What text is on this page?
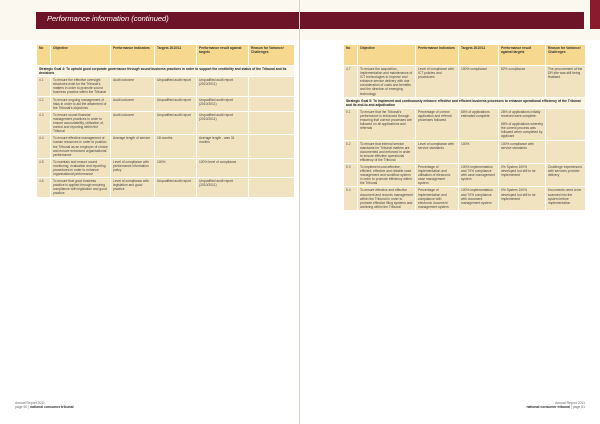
Performance information (continued)
No	Objective	Performance Indicators	Targets 2010/11	Performance result against targets	Reason for Variance/ Challenges
Strategic Goal 4: To uphold good corporate governance through sound business practices in order to support the credibility and status of the Tribunal and its decisions					
4.1	To ensure the effective oversight structures exist for the Tribunal's matters in order to promote sound business practice within the Tribunal	Audit outcome	Unqualified audit report	Unqualified audit report (2010/2011)	
4.2	To ensure ongoing management of risks in order to aid the attainment of the Tribunal's objectives	Audit outcome	Unqualified audit report	Unqualified audit report (2010/2011)	
4.3	To ensure sound financial management practices in order to ensure accountability, utilisation of, control and reporting within the Tribunal	Audit outcome	Unqualified audit report	Unqualified audit report (2010/2011)	
4.4	To ensure effective management of human resources in order to position the Tribunal as an employer of choice and ensure enhanced organisational performance	Average length of service	18 months	Average length - was 31 months	
4.5	To maintain and ensure sound monitoring, evaluation and reporting procedures in order to enhance organisational performance	Level of compliance with performance information policy	100%	100% level of compliance	
4.6	To ensure that good business practice is applied through ensuring compliance with legislation and good practice	Level of compliance with legislation and good practice	Unqualified audit report	Unqualified audit report (2010/2011)	
No	Objective	Performance Indicators	Targets 2010/11	Performance result against targets	Reason for Variance/ Challenges
4.7	To ensure the acquisition, implementation and maintenance of ICT technologies to improve and enhance service delivery with due consideration of costs and benefits and the direction of emerging technology	Level of compliance with ICT policies and procedures	100% compliance	82% compliance	The procurement of the DR site was still being finalised
Strategic Goal 5: To implement and continuously enhance effective and efficient business processes to enhance operational efficiency of the Tribunal and its end-to-end adjudication					
5.1	To ensure that the Tribunal's performance is enhanced through ensuring that correct processes are followed on all applications and referrals	Percentage of correct application and referral processes followed	80% of applications estimated complete	28% of applications initially received were complete.

68% of applications whereby the correct process was followed when completed by applicant	
5.2	To ensure that internal service standards for Tribunal matters are documented and enforced in order to ensure effective operational efficiency of the Tribunal	Level of compliance with service standards	100%	100% compliance with service standards	
5.3	To implement cost-effective, efficient, effective and reliable case management and workflow system in order to promote efficiency within the Tribunal	Percentage of implementation and utilisation of electronic case management system	100% implementation and 70% compliance with case management system	0% System 100% developed but still to be implemented	Challenge experienced with services provider delivery
5.4	To ensure effective and effective document and records management within the Tribunal in order to promote effective filing systems and archiving within the Tribunal	Percentage of implementation and compliance with electronic document management system	100% implementation and 70% compliance with document management system	0% System 100% developed but still to be implemented	Documents need to be scanned into the system before implementation
Annual Report 2011
page 60 | national consumer tribunal
Annual Report 2011
national consumer tribunal | page 61
